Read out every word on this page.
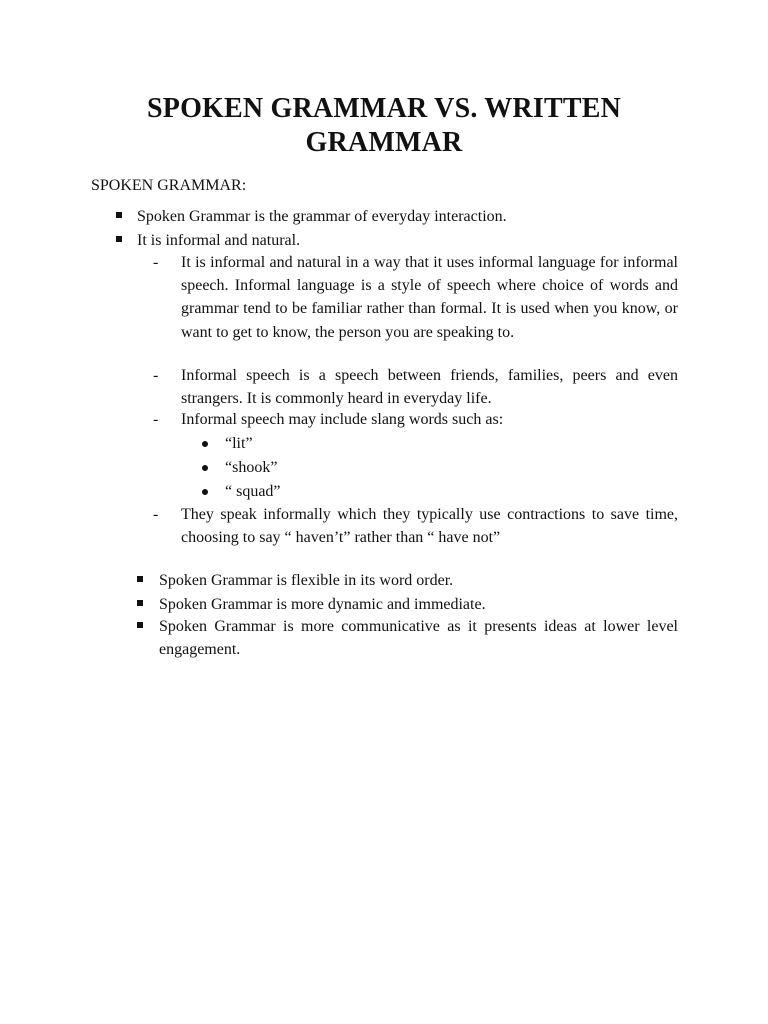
SPOKEN GRAMMAR VS. WRITTEN GRAMMAR

SPOKEN GRAMMAR:

Spoken Grammar is the grammar of everyday interaction.
It is informal and natural.
- It is informal and natural in a way that it uses informal language for informal speech. Informal language is a style of speech where choice of words and grammar tend to be familiar rather than formal. It is used when you know, or want to get to know, the person you are speaking to.
- Informal speech is a speech between friends, families, peers and even strangers. It is commonly heard in everyday life.
- Informal speech may include slang words such as:
“lit”
“shook”
“ squad”
- They speak informally which they typically use contractions to save time, choosing to say “ haven’t” rather than “ have not”
Spoken Grammar is flexible in its word order.
Spoken Grammar is more dynamic and immediate.
Spoken Grammar is more communicative as it presents ideas at lower level engagement.
